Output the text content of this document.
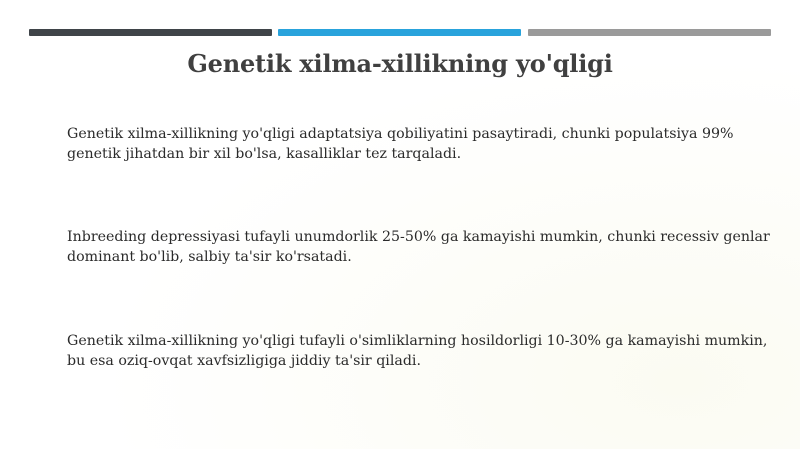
Genetik xilma-xillikning yo'qligi

Genetik xilma-xillikning yo'qligi adaptatsiya qobiliyatini pasaytiradi, chunki populatsiya 99% genetik jihatdan bir xil bo'lsa, kasalliklar tez tarqaladi.

Inbreeding depressiyasi tufayli unumdorlik 25-50% ga kamayishi mumkin, chunki recessiv genlar dominant bo'lib, salbiy ta'sir ko'rsatadi.

Genetik xilma-xillikning yo'qligi tufayli o'simliklarning hosildorligi 10-30% ga kamayishi mumkin, bu esa oziq-ovqat xavfsizligiga jiddiy ta'sir qiladi.
